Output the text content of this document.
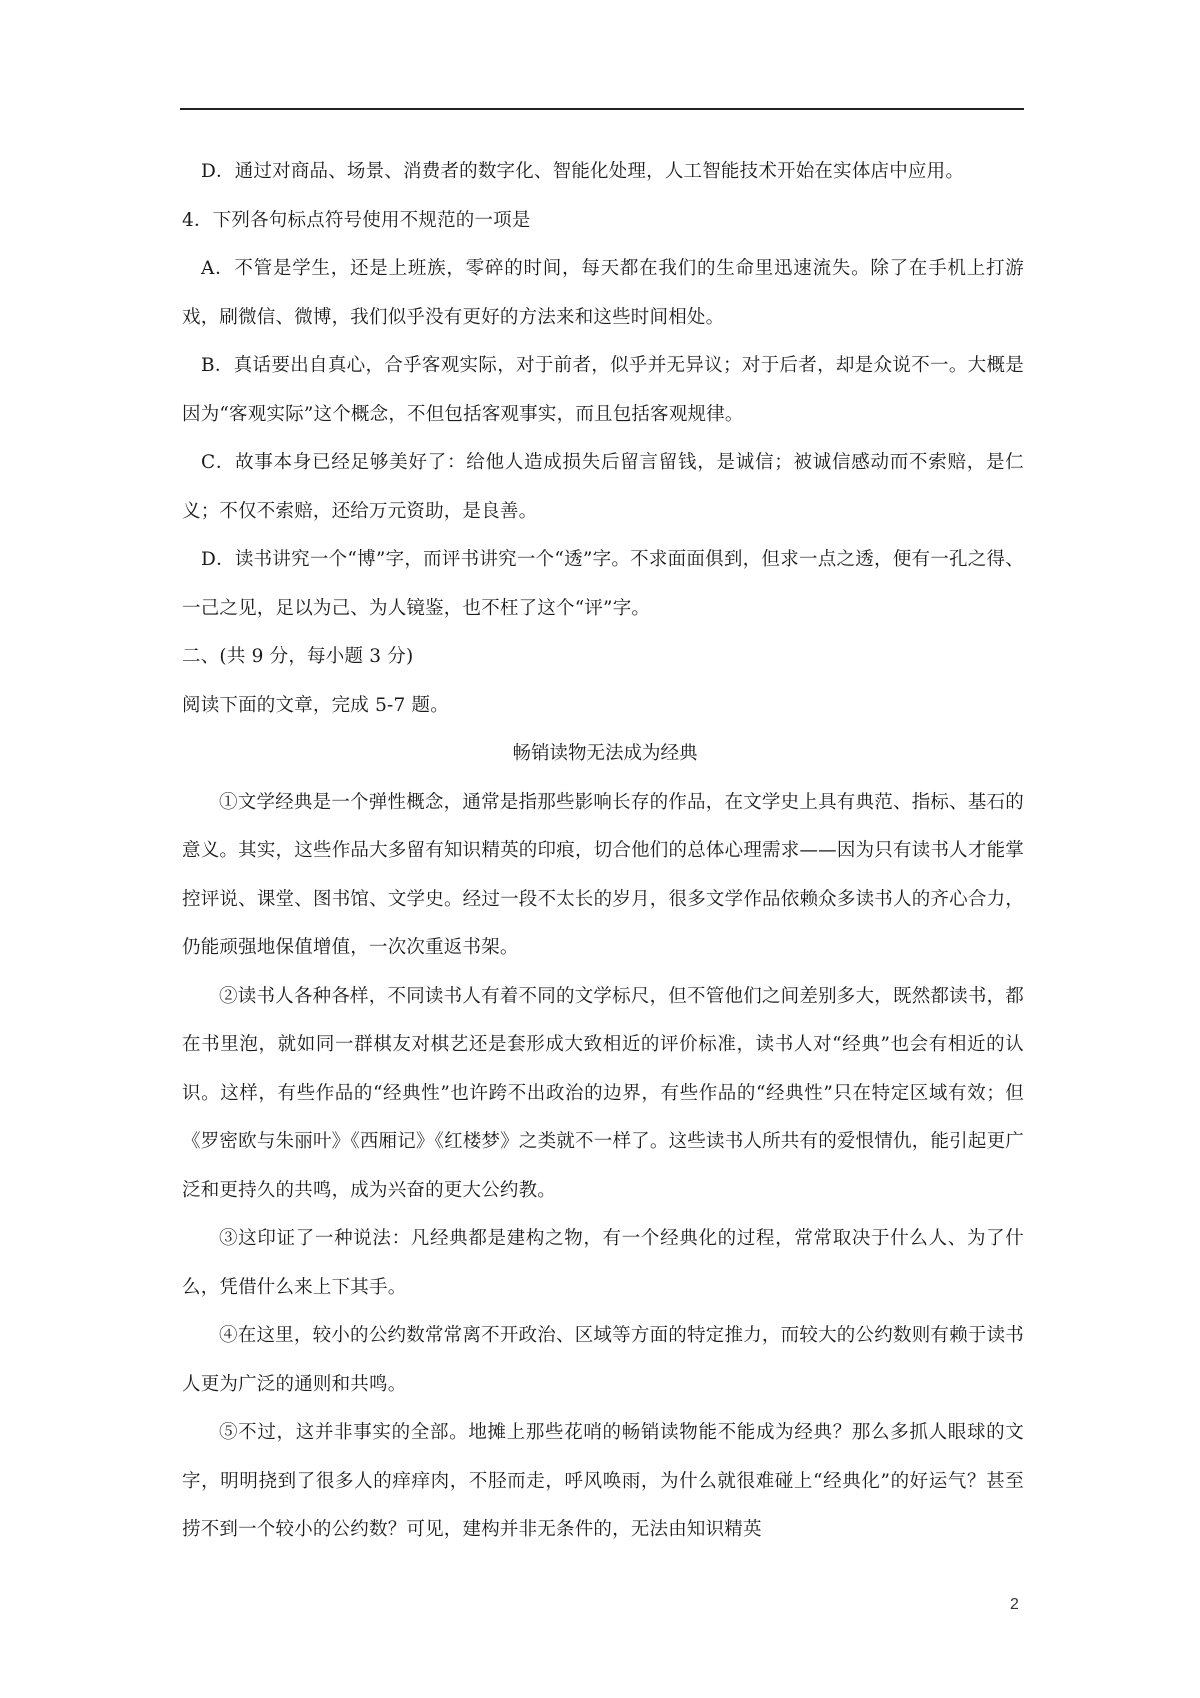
D．通过对商品、场景、消费者的数字化、智能化处理，人工智能技术开始在实体店中应用。

4．下列各句标点符号使用不规范的一项是

A．不管是学生，还是上班族，零碎的时间，每天都在我们的生命里迅速流失。除了在手机上打游戏，刷微信、微博，我们似乎没有更好的方法来和这些时间相处。

B．真话要出自真心，合乎客观实际，对于前者，似乎并无异议；对于后者，却是众说不一。大概是因为“客观实际”这个概念，不但包括客观事实，而且包括客观规律。

C．故事本身已经足够美好了：给他人造成损失后留言留钱，是诚信；被诚信感动而不索赔，是仁义；不仅不索赔，还给万元资助，是良善。

D．读书讲究一个“博”字，而评书讲究一个“透”字。不求面面俱到，但求一点之透，便有一孔之得、一己之见，足以为己、为人镜鉴，也不枉了这个“评”字。

二、(共 9 分，每小题 3 分)

阅读下面的文章，完成 5-7 题。

畅销读物无法成为经典

①文学经典是一个弹性概念，通常是指那些影响长存的作品，在文学史上具有典范、指标、基石的意义。其实，这些作品大多留有知识精英的印痕，切合他们的总体心理需求——因为只有读书人才能掌控评说、课堂、图书馆、文学史。经过一段不太长的岁月，很多文学作品依赖众多读书人的齐心合力，仍能顽强地保值增值，一次次重返书架。

②读书人各种各样，不同读书人有着不同的文学标尺，但不管他们之间差别多大，既然都读书，都在书里泡，就如同一群棋友对棋艺还是套形成大致相近的评价标准，读书人对“经典”也会有相近的认识。这样，有些作品的“经典性”也许跨不出政治的边界，有些作品的“经典性”只在特定区域有效；但《罗密欧与朱丽叶》《西厢记》《红楼梦》之类就不一样了。这些读书人所共有的爱恨情仇，能引起更广泛和更持久的共鸣，成为兴奋的更大公约教。

③这印证了一种说法：凡经典都是建构之物，有一个经典化的过程，常常取决于什么人、为了什么，凭借什么来上下其手。

④在这里，较小的公约数常常离不开政治、区域等方面的特定推力，而较大的公约数则有赖于读书人更为广泛的通则和共鸣。

⑤不过，这并非事实的全部。地摊上那些花哨的畅销读物能不能成为经典？那么多抓人眼球的文字，明明挠到了很多人的痒痒肉，不胫而走，呼风唤雨，为什么就很难碰上“经典化”的好运气？甚至捞不到一个较小的公约数？可见，建构并非无条件的，无法由知识精英

2
